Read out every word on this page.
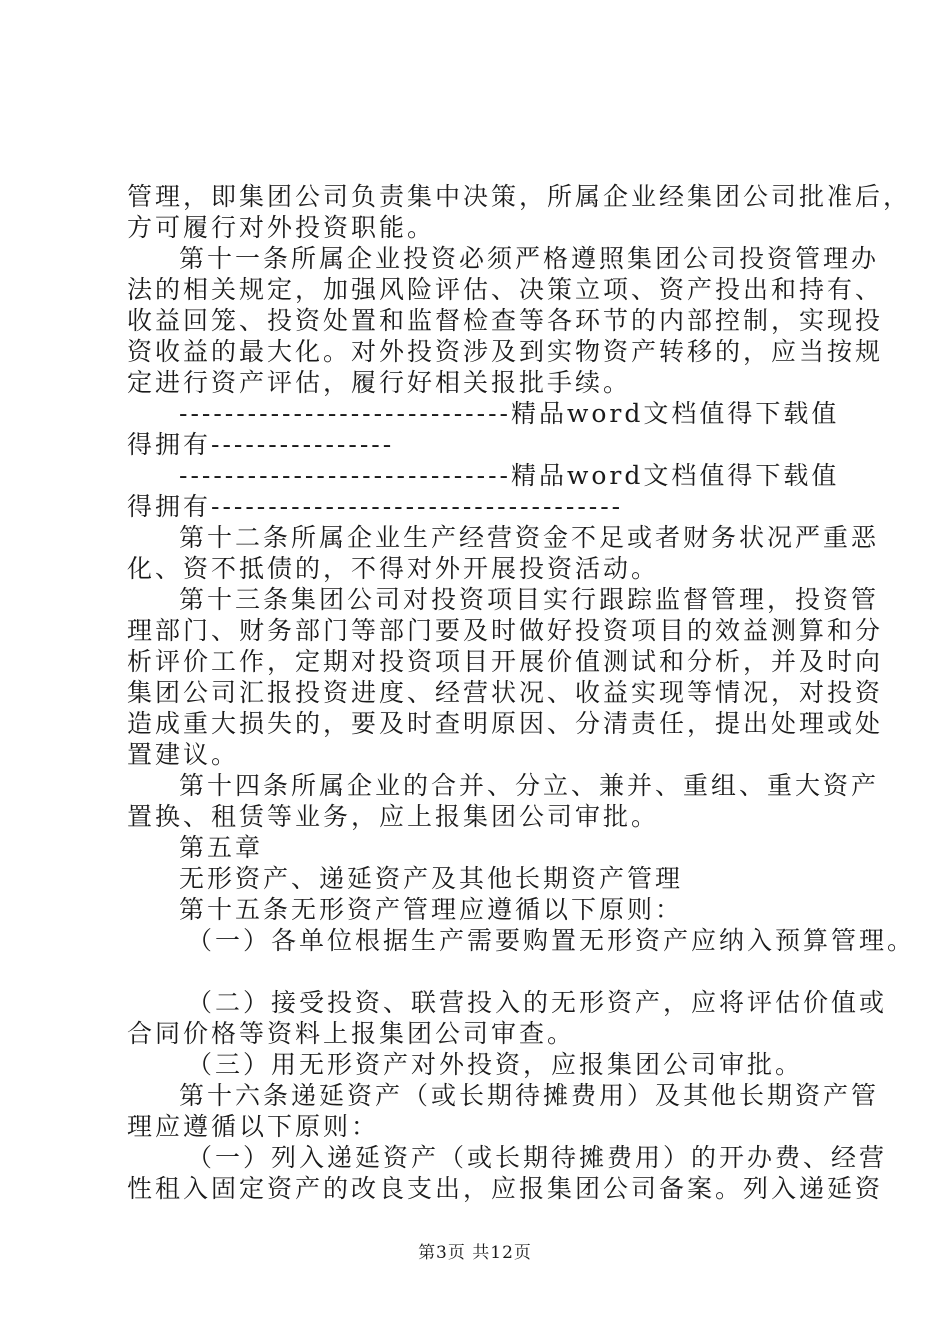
管理，即集团公司负责集中决策，所属企业经集团公司批准后，
方可履行对外投资职能。
第十一条所属企业投资必须严格遵照集团公司投资管理办
法的相关规定，加强风险评估、决策立项、资产投出和持有、
收益回笼、投资处置和监督检查等各环节的内部控制，实现投
资收益的最大化。对外投资涉及到实物资产转移的，应当按规
定进行资产评估，履行好相关报批手续。
-----------------------------精品word文档值得下载值
得拥有----------------
-----------------------------精品word文档值得下载值
得拥有------------------------------------
第十二条所属企业生产经营资金不足或者财务状况严重恶
化、资不抵债的，不得对外开展投资活动。
第十三条集团公司对投资项目实行跟踪监督管理，投资管
理部门、财务部门等部门要及时做好投资项目的效益测算和分
析评价工作，定期对投资项目开展价值测试和分析，并及时向
集团公司汇报投资进度、经营状况、收益实现等情况，对投资
造成重大损失的，要及时查明原因、分清责任，提出处理或处
置建议。
第十四条所属企业的合并、分立、兼并、重组、重大资产
置换、租赁等业务，应上报集团公司审批。
第五章
无形资产、递延资产及其他长期资产管理
第十五条无形资产管理应遵循以下原则：
（一）各单位根据生产需要购置无形资产应纳入预算管理。
（二）接受投资、联营投入的无形资产，应将评估价值或
合同价格等资料上报集团公司审查。
（三）用无形资产对外投资，应报集团公司审批。
第十六条递延资产（或长期待摊费用）及其他长期资产管
理应遵循以下原则：
（一）列入递延资产（或长期待摊费用）的开办费、经营
性租入固定资产的改良支出，应报集团公司备案。列入递延资
第3页 共12页
